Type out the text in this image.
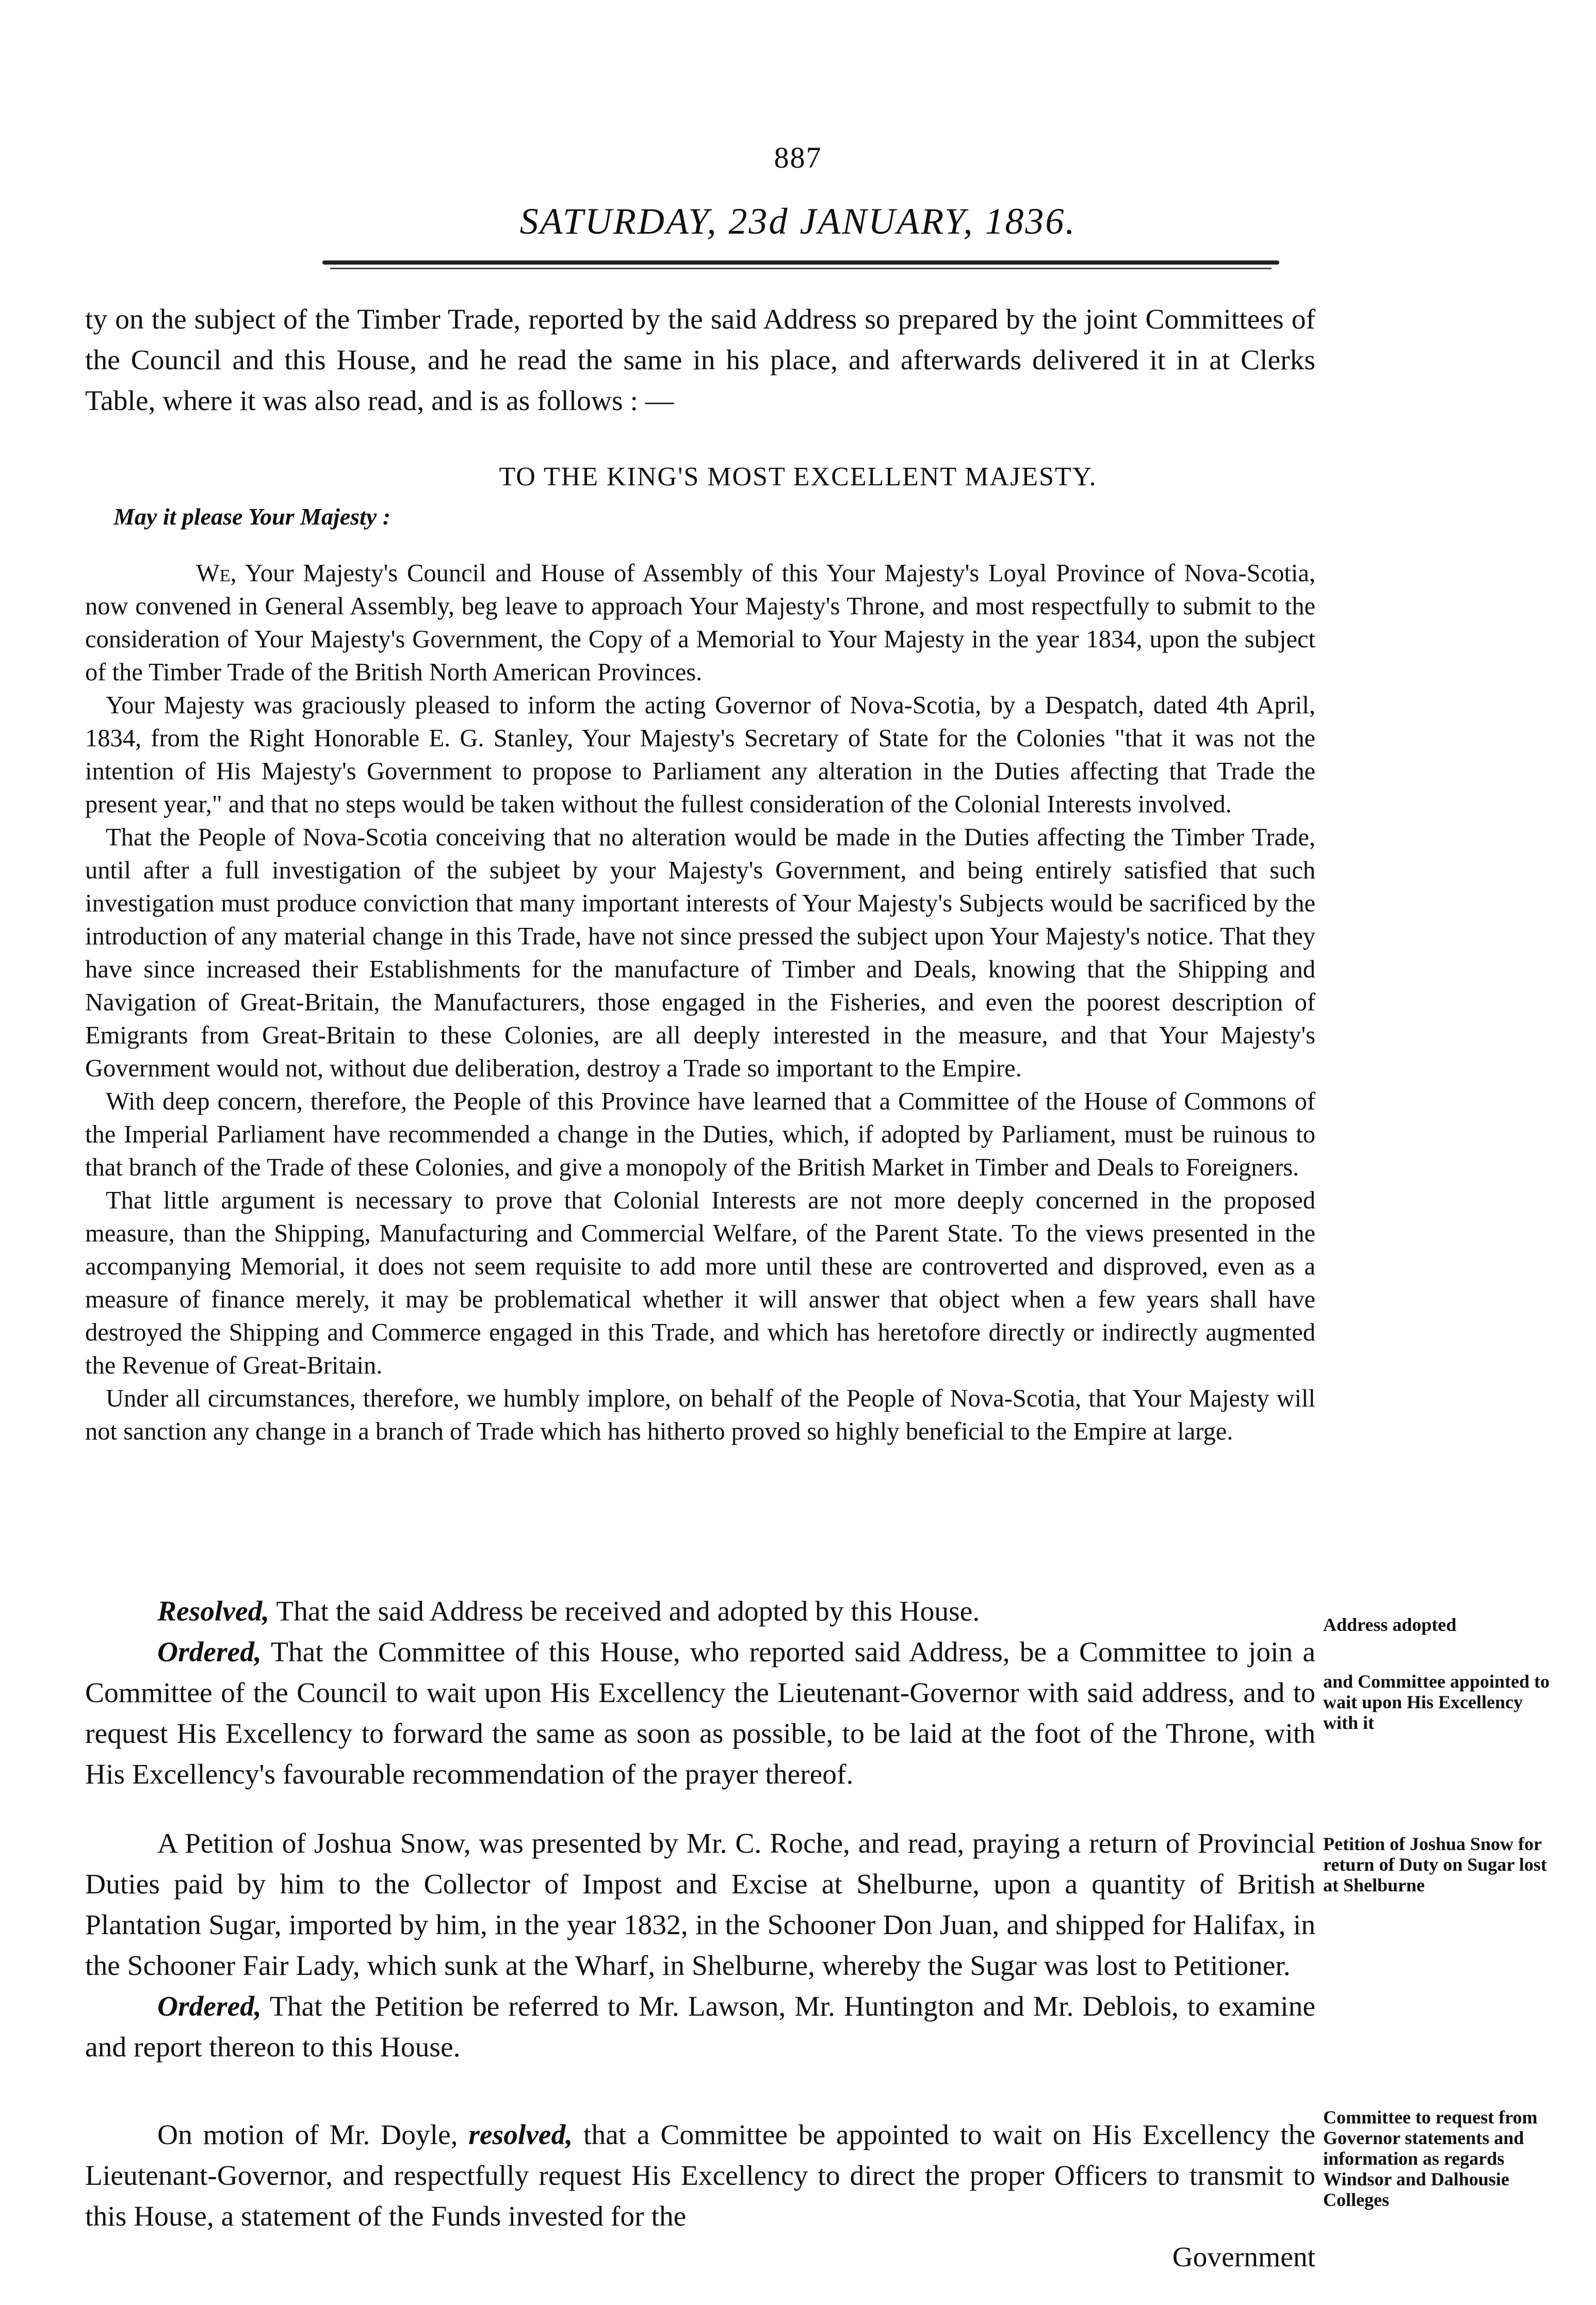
887
SATURDAY, 23d JANUARY, 1836.

ty on the subject of the Timber Trade, reported by the said Address so prepared by the joint Committees of the Council and this House, and he read the same in his place, and afterwards delivered it in at Clerks Table, where it was also read, and is as follows : —

TO THE KING'S MOST EXCELLENT MAJESTY.
May it please Your Majesty :

We, Your Majesty's Council and House of Assembly of this Your Majesty's Loyal Province of Nova-Scotia, now convened in General Assembly, beg leave to approach Your Majesty's Throne, and most respectfully to submit to the consideration of Your Majesty's Government, the Copy of a Memorial to Your Majesty in the year 1834, upon the subject of the Timber Trade of the British North American Provinces.

Your Majesty was graciously pleased to inform the acting Governor of Nova-Scotia, by a Despatch, dated 4th April, 1834, from the Right Honorable E. G. Stanley, Your Majesty's Secretary of State for the Colonies "that it was not the intention of His Majesty's Government to propose to Parliament any alteration in the Duties affecting that Trade the present year," and that no steps would be taken without the fullest consideration of the Colonial Interests involved.

That the People of Nova-Scotia conceiving that no alteration would be made in the Duties affecting the Timber Trade, until after a full investigation of the subjeet by your Majesty's Government, and being entirely satisfied that such investigation must produce conviction that many important interests of Your Majesty's Subjects would be sacrificed by the introduction of any material change in this Trade, have not since pressed the subject upon Your Majesty's notice. That they have since increased their Establishments for the manufacture of Timber and Deals, knowing that the Shipping and Navigation of Great-Britain, the Manufacturers, those engaged in the Fisheries, and even the poorest description of Emigrants from Great-Britain to these Colonies, are all deeply interested in the measure, and that Your Majesty's Government would not, without due deliberation, destroy a Trade so important to the Empire.

With deep concern, therefore, the People of this Province have learned that a Committee of the House of Commons of the Imperial Parliament have recommended a change in the Duties, which, if adopted by Parliament, must be ruinous to that branch of the Trade of these Colonies, and give a monopoly of the British Market in Timber and Deals to Foreigners.

That little argument is necessary to prove that Colonial Interests are not more deeply concerned in the proposed measure, than the Shipping, Manufacturing and Commercial Welfare, of the Parent State. To the views presented in the accompanying Memorial, it does not seem requisite to add more until these are controverted and disproved, even as a measure of finance merely, it may be problematical whether it will answer that object when a few years shall have destroyed the Shipping and Commerce engaged in this Trade, and which has heretofore directly or indirectly augmented the Revenue of Great-Britain.

Under all circumstances, therefore, we humbly implore, on behalf of the People of Nova-Scotia, that Your Majesty will not sanction any change in a branch of Trade which has hitherto proved so highly beneficial to the Empire at large.

Resolved, That the said Address be received and adopted by this House.

Ordered, That the Committee of this House, who reported said Address, be a Committee to join a Committee of the Council to wait upon His Excellency the Lieutenant-Governor with said address, and to request His Excellency to forward the same as soon as possible, to be laid at the foot of the Throne, with His Excellency's favourable recommendation of the prayer thereof.

A Petition of Joshua Snow, was presented by Mr. C. Roche, and read, praying a return of Provincial Duties paid by him to the Collector of Impost and Excise at Shelburne, upon a quantity of British Plantation Sugar, imported by him, in the year 1832, in the Schooner Don Juan, and shipped for Halifax, in the Schooner Fair Lady, which sunk at the Wharf, in Shelburne, whereby the Sugar was lost to Petitioner.

Ordered, That the Petition be referred to Mr. Lawson, Mr. Huntington and Mr. Deblois, to examine and report thereon to this House.

On motion of Mr. Doyle, resolved, that a Committee be appointed to wait on His Excellency the Lieutenant-Governor, and respectfully request His Excellency to direct the proper Officers to transmit to this House, a statement of the Funds invested for the

Government

Address adopted
and Committee appointed to wait upon His Excellency with it
Petition of Joshua Snow for return of Duty on Sugar lost at Shelburne
Committee to request from Governor statements and information as regards Windsor and Dalhousie Colleges
